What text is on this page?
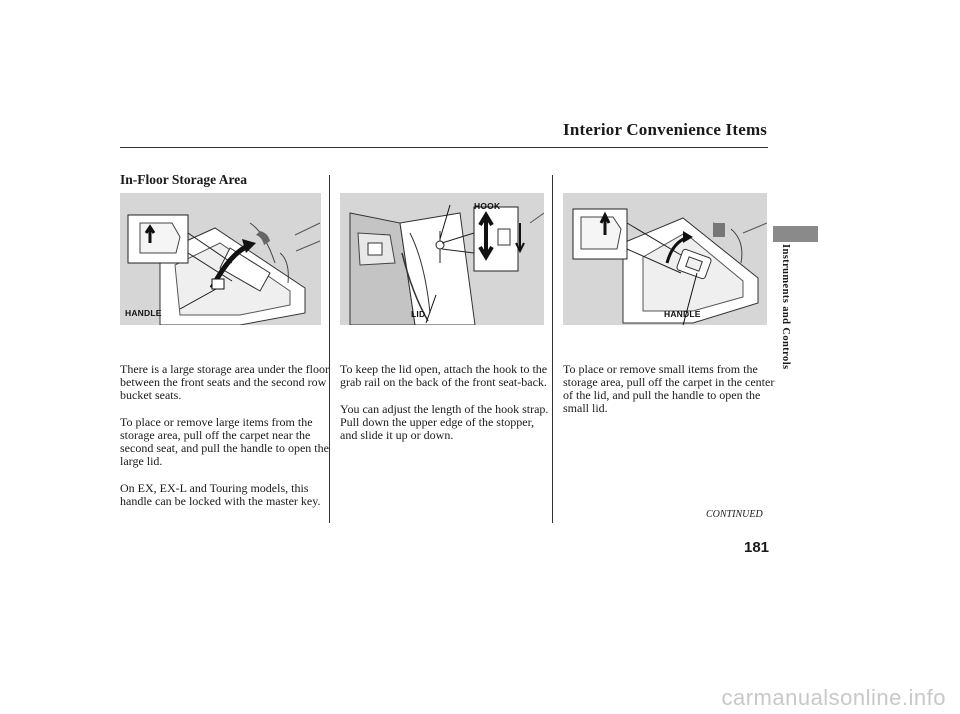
Interior Convenience Items
In-Floor Storage Area
Instruments and Controls
HANDLE
HOOK
LID	HANDLE

There is a large storage area under the floor between the front seats and the second row bucket seats.

To place or remove large items from the storage area, pull off the carpet near the second seat, and pull the handle to open the large lid.

On EX, EX-L and Touring models, this handle can be locked with the master key.

To keep the lid open, attach the hook to the grab rail on the back of the front seat-back.

You can adjust the length of the hook strap. Pull down the upper edge of the stopper, and slide it up or down.

To place or remove small items from the storage area, pull off the carpet in the center of the lid, and pull the handle to open the small lid.

CONTINUED
181
carmanualsonline.info
